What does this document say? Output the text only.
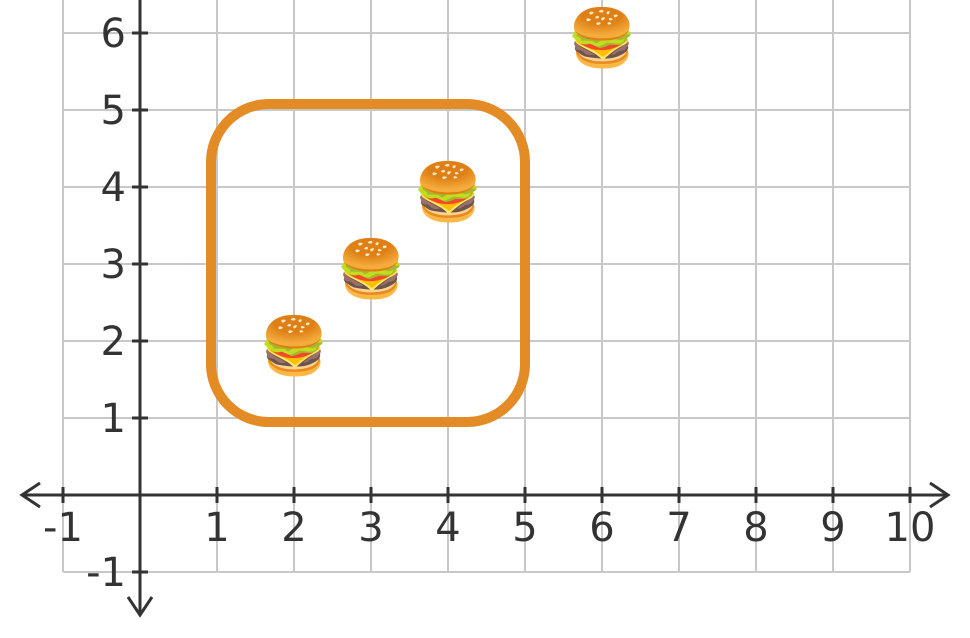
-1	1 2 3 4 5 6 7 8 9 10
-1
1
2
3
4
5
6
🍔
🍔
🍔
🍔
